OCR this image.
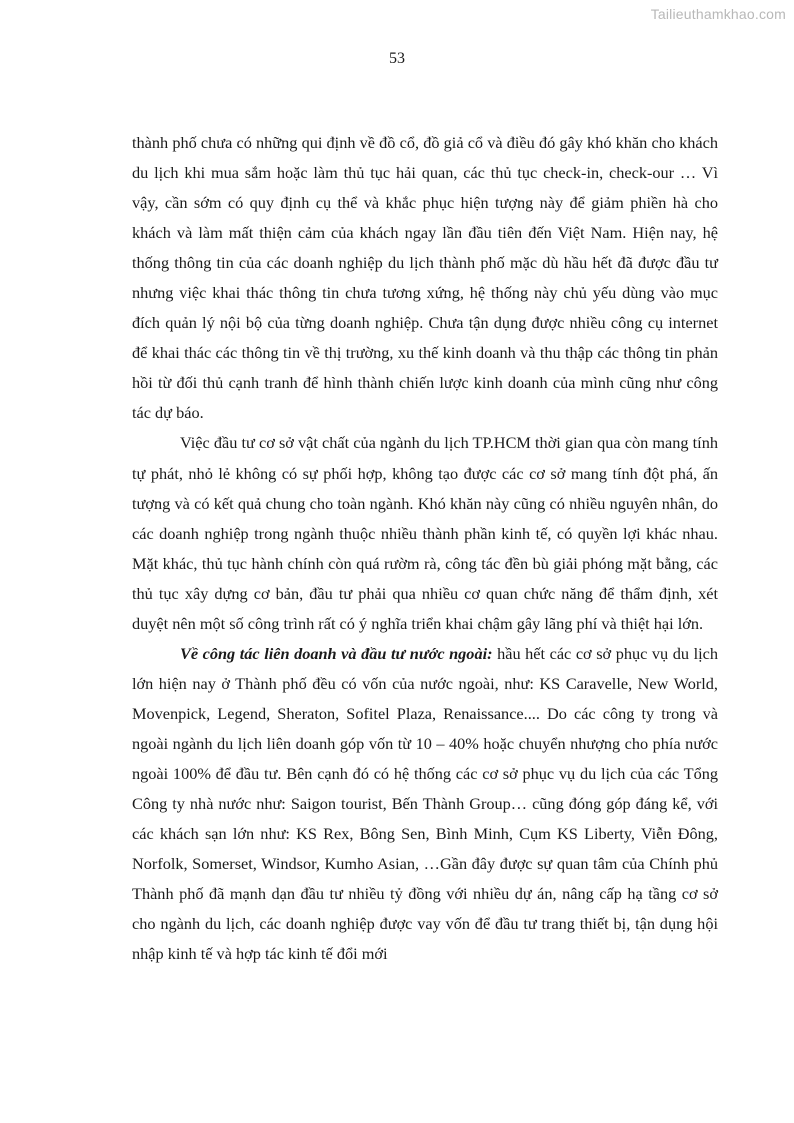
Tailieuthamkhao.com
53

thành phố chưa có những qui định về đồ cổ, đồ giả cổ và điều đó gây khó khăn cho khách du lịch khi mua sắm hoặc làm thủ tục hải quan, các thủ tục check-in, check-our … Vì vậy, cần sớm có quy định cụ thể và khắc phục hiện tượng này để giảm phiền hà cho khách và làm mất thiện cảm của khách ngay lần đầu tiên đến Việt Nam. Hiện nay, hệ thống thông tin của các doanh nghiệp du lịch thành phố mặc dù hầu hết đã được đầu tư nhưng việc khai thác thông tin chưa tương xứng, hệ thống này chủ yếu dùng vào mục đích quản lý nội bộ của từng doanh nghiệp. Chưa tận dụng được nhiều công cụ internet để khai thác các thông tin về thị trường, xu thế kinh doanh và thu thập các thông tin phản hồi từ đối thủ cạnh tranh để hình thành chiến lược kinh doanh của mình cũng như công tác dự báo.

Việc đầu tư cơ sở vật chất của ngành du lịch TP.HCM thời gian qua còn mang tính tự phát, nhỏ lẻ không có sự phối hợp, không tạo được các cơ sở mang tính đột phá, ấn tượng và có kết quả chung cho toàn ngành. Khó khăn này cũng có nhiều nguyên nhân, do các doanh nghiệp trong ngành thuộc nhiều thành phần kinh tế, có quyền lợi khác nhau. Mặt khác, thủ tục hành chính còn quá rườm rà, công tác đền bù giải phóng mặt bằng, các thủ tục xây dựng cơ bản, đầu tư phải qua nhiều cơ quan chức năng để thẩm định, xét duyệt nên một số công trình rất có ý nghĩa triển khai chậm gây lãng phí và thiệt hại lớn.

Về công tác liên doanh và đầu tư nước ngoài: hầu hết các cơ sở phục vụ du lịch lớn hiện nay ở Thành phố đều có vốn của nước ngoài, như: KS Caravelle, New World, Movenpick, Legend, Sheraton, Sofitel Plaza, Renaissance.... Do các công ty trong và ngoài ngành du lịch liên doanh góp vốn từ 10 – 40% hoặc chuyển nhượng cho phía nước ngoài 100% để đầu tư. Bên cạnh đó có hệ thống các cơ sở phục vụ du lịch của các Tổng Công ty nhà nước như: Saigon tourist, Bến Thành Group… cũng đóng góp đáng kể, với các khách sạn lớn như: KS Rex, Bông Sen, Bình Minh, Cụm KS Liberty, Viễn Đông, Norfolk, Somerset, Windsor, Kumho Asian, …Gần đây được sự quan tâm của Chính phủ Thành phố đã mạnh dạn đầu tư nhiều tỷ đồng với nhiều dự án, nâng cấp hạ tầng cơ sở cho ngành du lịch, các doanh nghiệp được vay vốn để đầu tư trang thiết bị, tận dụng hội nhập kinh tế và hợp tác kinh tế đổi mới
